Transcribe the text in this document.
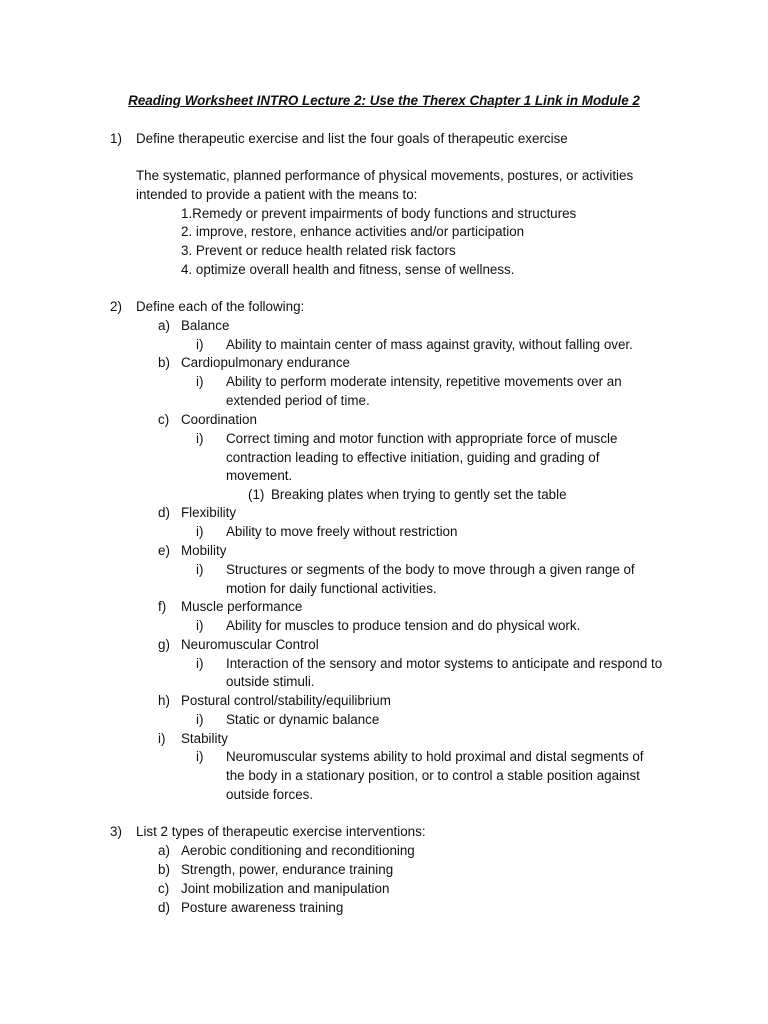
Reading Worksheet INTRO Lecture 2: Use the Therex Chapter 1 Link in Module 2
1) Define therapeutic exercise and list the four goals of therapeutic exercise
The systematic, planned performance of physical movements, postures, or activities
intended to provide a patient with the means to:
1.Remedy or prevent impairments of body functions and structures
2. improve, restore, enhance activities and/or participation
3. Prevent or reduce health related risk factors
4. optimize overall health and fitness, sense of wellness.
2) Define each of the following:
a) Balance
i) Ability to maintain center of mass against gravity, without falling over.
b) Cardiopulmonary endurance
i) Ability to perform moderate intensity, repetitive movements over an
extended period of time.
c) Coordination
i) Correct timing and motor function with appropriate force of muscle
contraction leading to effective initiation, guiding and grading of
movement.
(1) Breaking plates when trying to gently set the table
d) Flexibility
i) Ability to move freely without restriction
e) Mobility
i) Structures or segments of the body to move through a given range of
motion for daily functional activities.
f) Muscle performance
i) Ability for muscles to produce tension and do physical work.
g) Neuromuscular Control
i) Interaction of the sensory and motor systems to anticipate and respond to
outside stimuli.
h) Postural control/stability/equilibrium
i) Static or dynamic balance
i) Stability
i) Neuromuscular systems ability to hold proximal and distal segments of
the body in a stationary position, or to control a stable position against
outside forces.
3) List 2 types of therapeutic exercise interventions:
a) Aerobic conditioning and reconditioning
b) Strength, power, endurance training
c) Joint mobilization and manipulation
d) Posture awareness training
